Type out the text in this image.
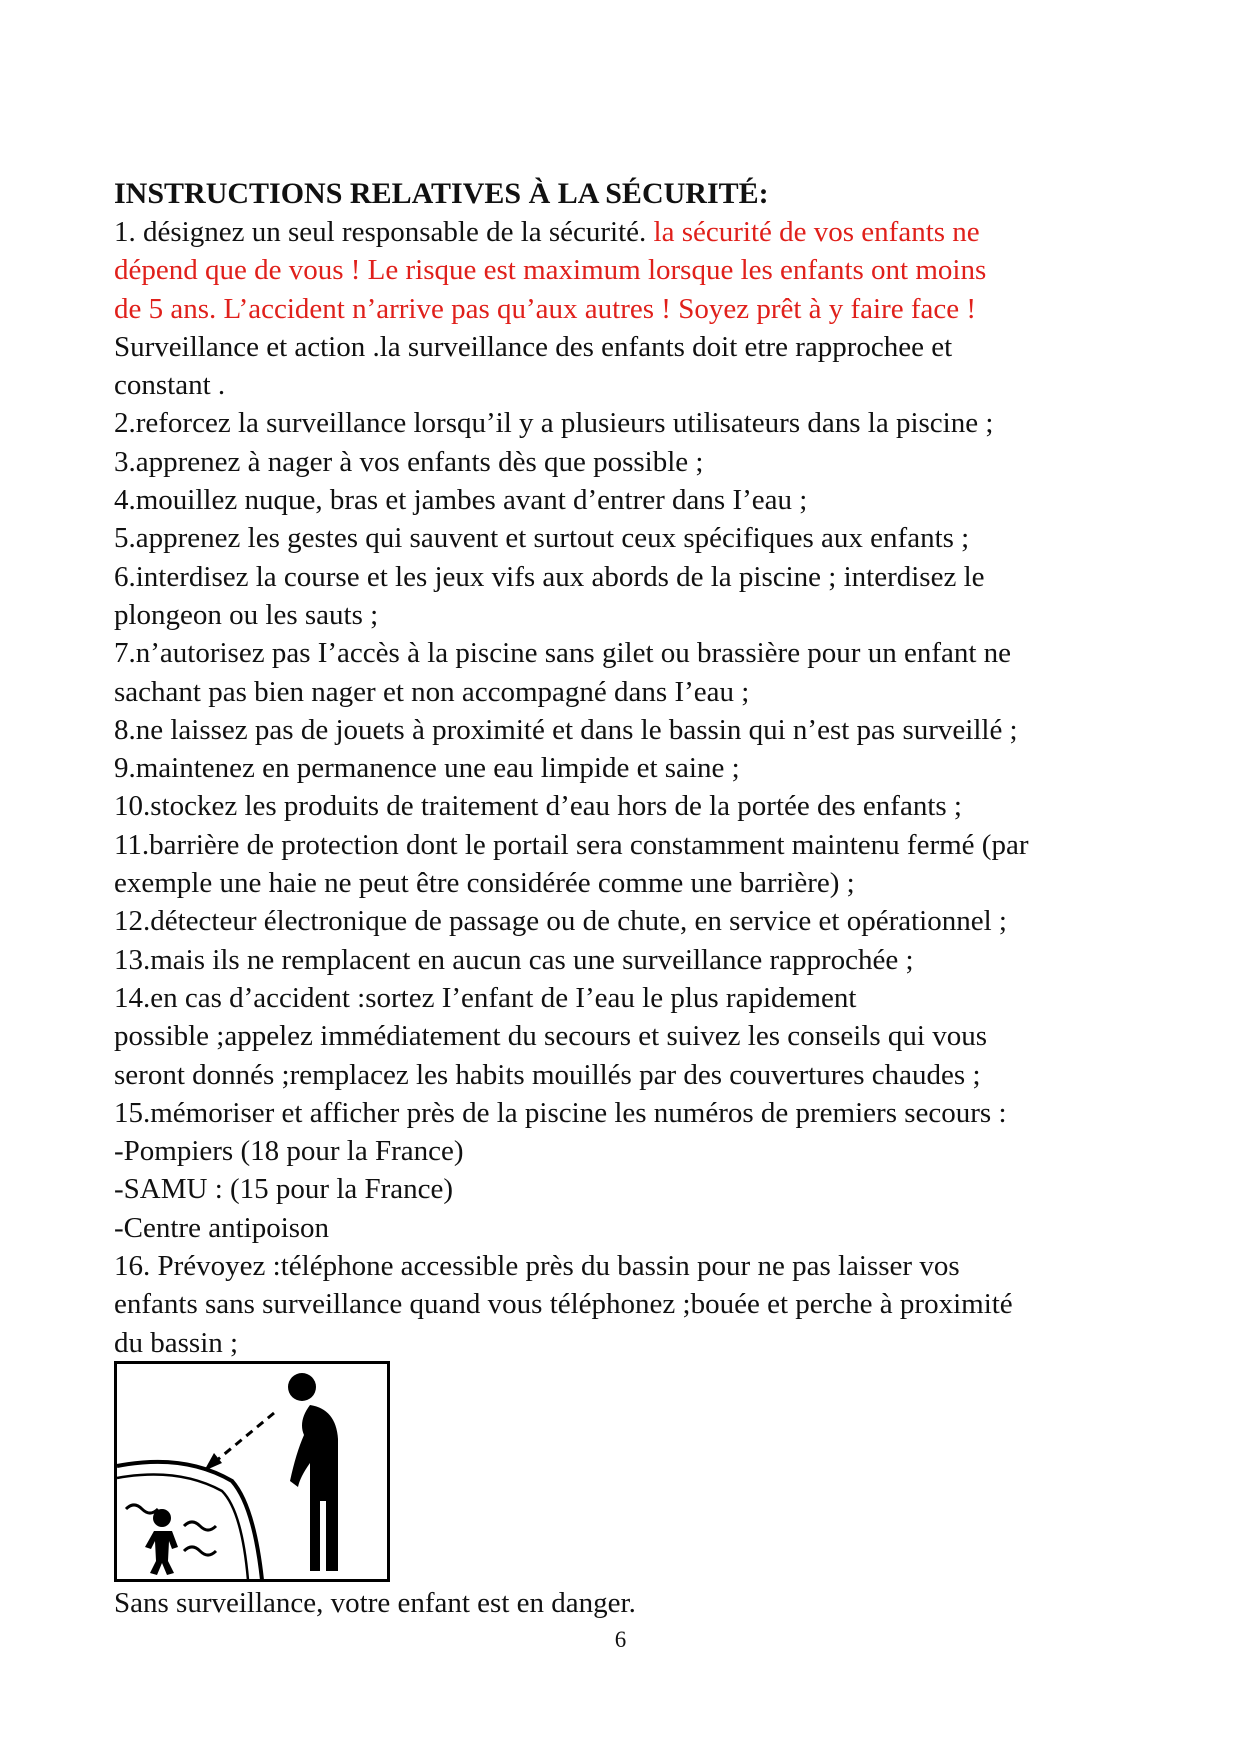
INSTRUCTIONS RELATIVES À LA SÉCURITÉ:

1. désignez un seul responsable de la sécurité. la sécurité de vos enfants ne
dépend que de vous ! Le risque est maximum lorsque les enfants ont moins
de 5 ans. L’accident n’arrive pas qu’aux autres ! Soyez prêt à y faire face !
Surveillance et action .la surveillance des enfants doit etre rapprochee et
constant .
2.reforcez la surveillance lorsqu’il y a plusieurs utilisateurs dans la piscine ;
3.apprenez à nager à vos enfants dès que possible ;
4.mouillez nuque, bras et jambes avant d’entrer dans I’eau ;
5.apprenez les gestes qui sauvent et surtout ceux spécifiques aux enfants ;
6.interdisez la course et les jeux vifs aux abords de la piscine ; interdisez le
plongeon ou les sauts ;
7.n’autorisez pas I’accès à la piscine sans gilet ou brassière pour un enfant ne
sachant pas bien nager et non accompagné dans I’eau ;
8.ne laissez pas de jouets à proximité et dans le bassin qui n’est pas surveillé ;
9.maintenez en permanence une eau limpide et saine ;
10.stockez les produits de traitement d’eau hors de la portée des enfants ;
11.barrière de protection dont le portail sera constamment maintenu fermé (par
exemple une haie ne peut être considérée comme une barrière) ;
12.détecteur électronique de passage ou de chute, en service et opérationnel ;
13.mais ils ne remplacent en aucun cas une surveillance rapprochée ;
14.en cas d’accident :sortez I’enfant de I’eau le plus rapidement
possible ;appelez immédiatement du secours et suivez les conseils qui vous
seront donnés ;remplacez les habits mouillés par des couvertures chaudes ;
15.mémoriser et afficher près de la piscine les numéros de premiers secours :
-Pompiers (18 pour la France)
-SAMU : (15 pour la France)
-Centre antipoison
16. Prévoyez :téléphone accessible près du bassin pour ne pas laisser vos
enfants sans surveillance quand vous téléphonez ;bouée et perche à proximité
du bassin ;

Sans surveillance, votre enfant est en danger.
6
